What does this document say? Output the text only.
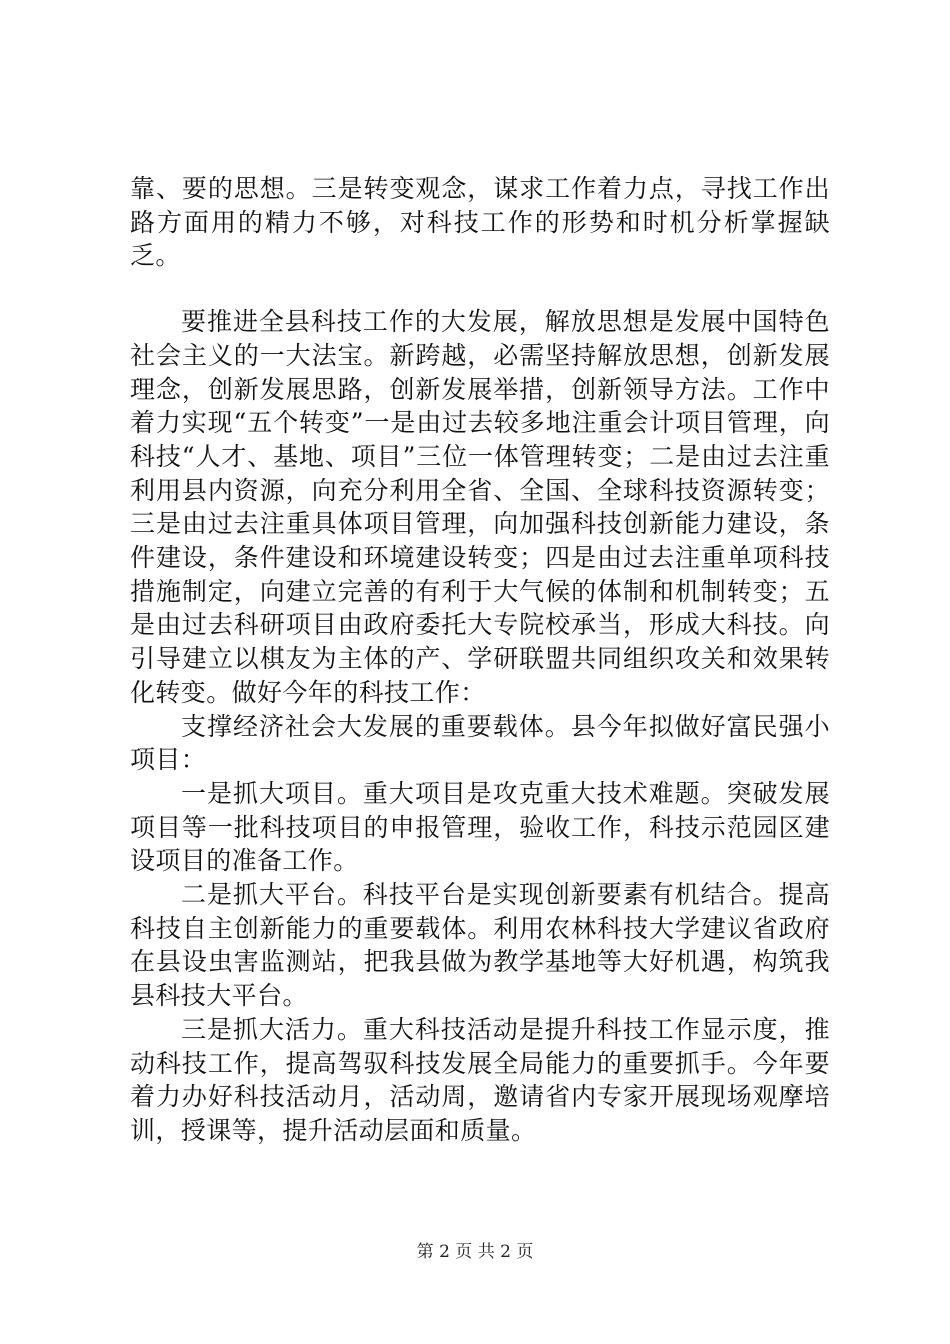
靠、要的思想。三是转变观念，谋求工作着力点，寻找工作出路方面用的精力不够，对科技工作的形势和时机分析掌握缺乏。

要推进全县科技工作的大发展，解放思想是发展中国特色社会主义的一大法宝。新跨越，必需坚持解放思想，创新发展理念，创新发展思路，创新发展举措，创新领导方法。工作中着力实现“五个转变”一是由过去较多地注重会计项目管理，向科技“人才、基地、项目”三位一体管理转变；二是由过去注重利用县内资源，向充分利用全省、全国、全球科技资源转变；三是由过去注重具体项目管理，向加强科技创新能力建设，条件建设，条件建设和环境建设转变；四是由过去注重单项科技措施制定，向建立完善的有利于大气候的体制和机制转变；五是由过去科研项目由政府委托大专院校承当，形成大科技。向引导建立以棋友为主体的产、学研联盟共同组织攻关和效果转化转变。做好今年的科技工作：

支撑经济社会大发展的重要载体。县今年拟做好富民强小项目：

一是抓大项目。重大项目是攻克重大技术难题。突破发展项目等一批科技项目的申报管理，验收工作，科技示范园区建设项目的准备工作。

二是抓大平台。科技平台是实现创新要素有机结合。提高科技自主创新能力的重要载体。利用农林科技大学建议省政府在县设虫害监测站，把我县做为教学基地等大好机遇，构筑我县科技大平台。

三是抓大活力。重大科技活动是提升科技工作显示度，推动科技工作，提高驾驭科技发展全局能力的重要抓手。今年要着力办好科技活动月，活动周，邀请省内专家开展现场观摩培训，授课等，提升活动层面和质量。

第 2 页 共 2 页
